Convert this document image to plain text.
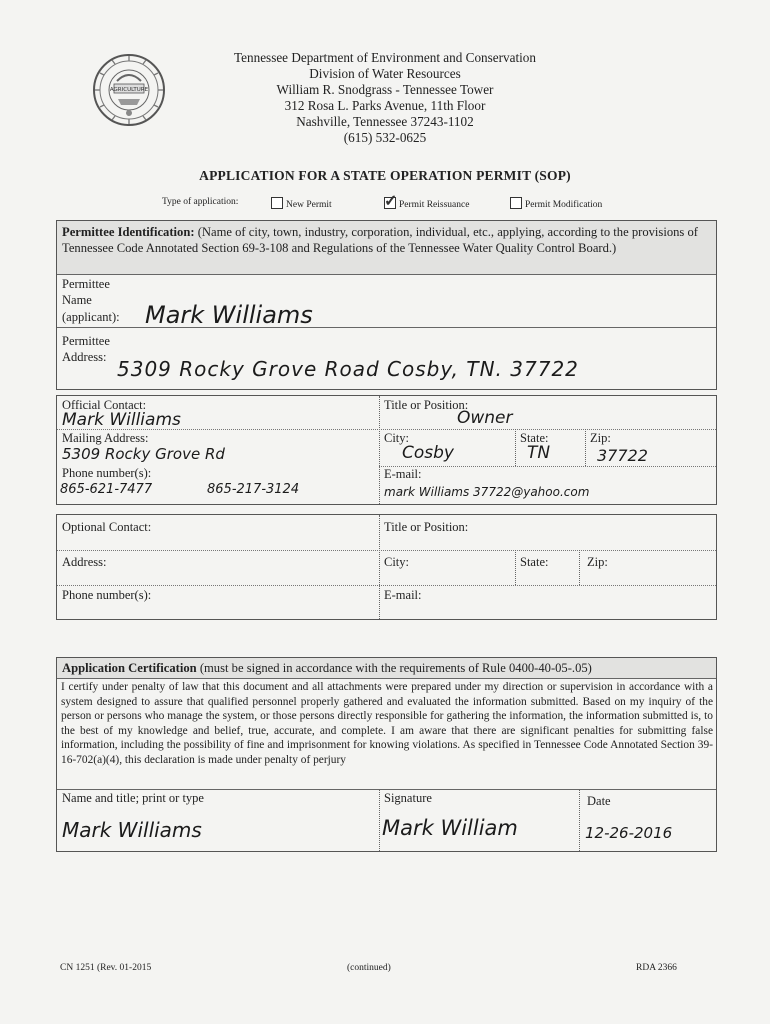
AGRICULTURE
Tennessee Department of Environment and Conservation
Division of Water Resources
William R. Snodgrass - Tennessee Tower
312 Rosa L. Parks Avenue, 11th Floor
Nashville, Tennessee 37243-1102
(615) 532-0625
APPLICATION FOR A STATE OPERATION PERMIT (SOP)
Type of application:	New Permit	✓ Permit Reissuance	Permit Modification
Permittee Identification: (Name of city, town, industry, corporation, individual, etc., applying, according to the provisions of Tennessee Code Annotated Section 69-3-108 and Regulations of the Tennessee Water Quality Control Board.)
Permittee
Name
(applicant): Mark Williams
Permittee
Address: 5309 Rocky Grove Road Cosby, TN. 37722
Official Contact:
Mark Williams
Title or Position:
Owner
Mailing Address:
5309 Rocky Grove Rd
City:
Cosby
State:
TN
Zip:
37722
Phone number(s):
865-621-7477	865-217-3124
E-mail:
mark Williams 37722@yahoo.com
Optional Contact:	Title or Position:
Address:	City:	State:	Zip:
Phone number(s):	E-mail:
Application Certification (must be signed in accordance with the requirements of Rule 0400-40-05-.05)
I certify under penalty of law that this document and all attachments were prepared under my direction or supervision in accordance with a system designed to assure that qualified personnel properly gathered and evaluated the information submitted. Based on my inquiry of the person or persons who manage the system, or those persons directly responsible for gathering the information, the information submitted is, to the best of my knowledge and belief, true, accurate, and complete. I am aware that there are significant penalties for submitting false information, including the possibility of fine and imprisonment for knowing violations. As specified in Tennessee Code Annotated Section 39-16-702(a)(4), this declaration is made under penalty of perjury
Name and title; print or type
Mark Williams
Signature
Mark William
Date
12-26-2016
CN 1251 (Rev. 01-2015	(continued)	RDA 2366
